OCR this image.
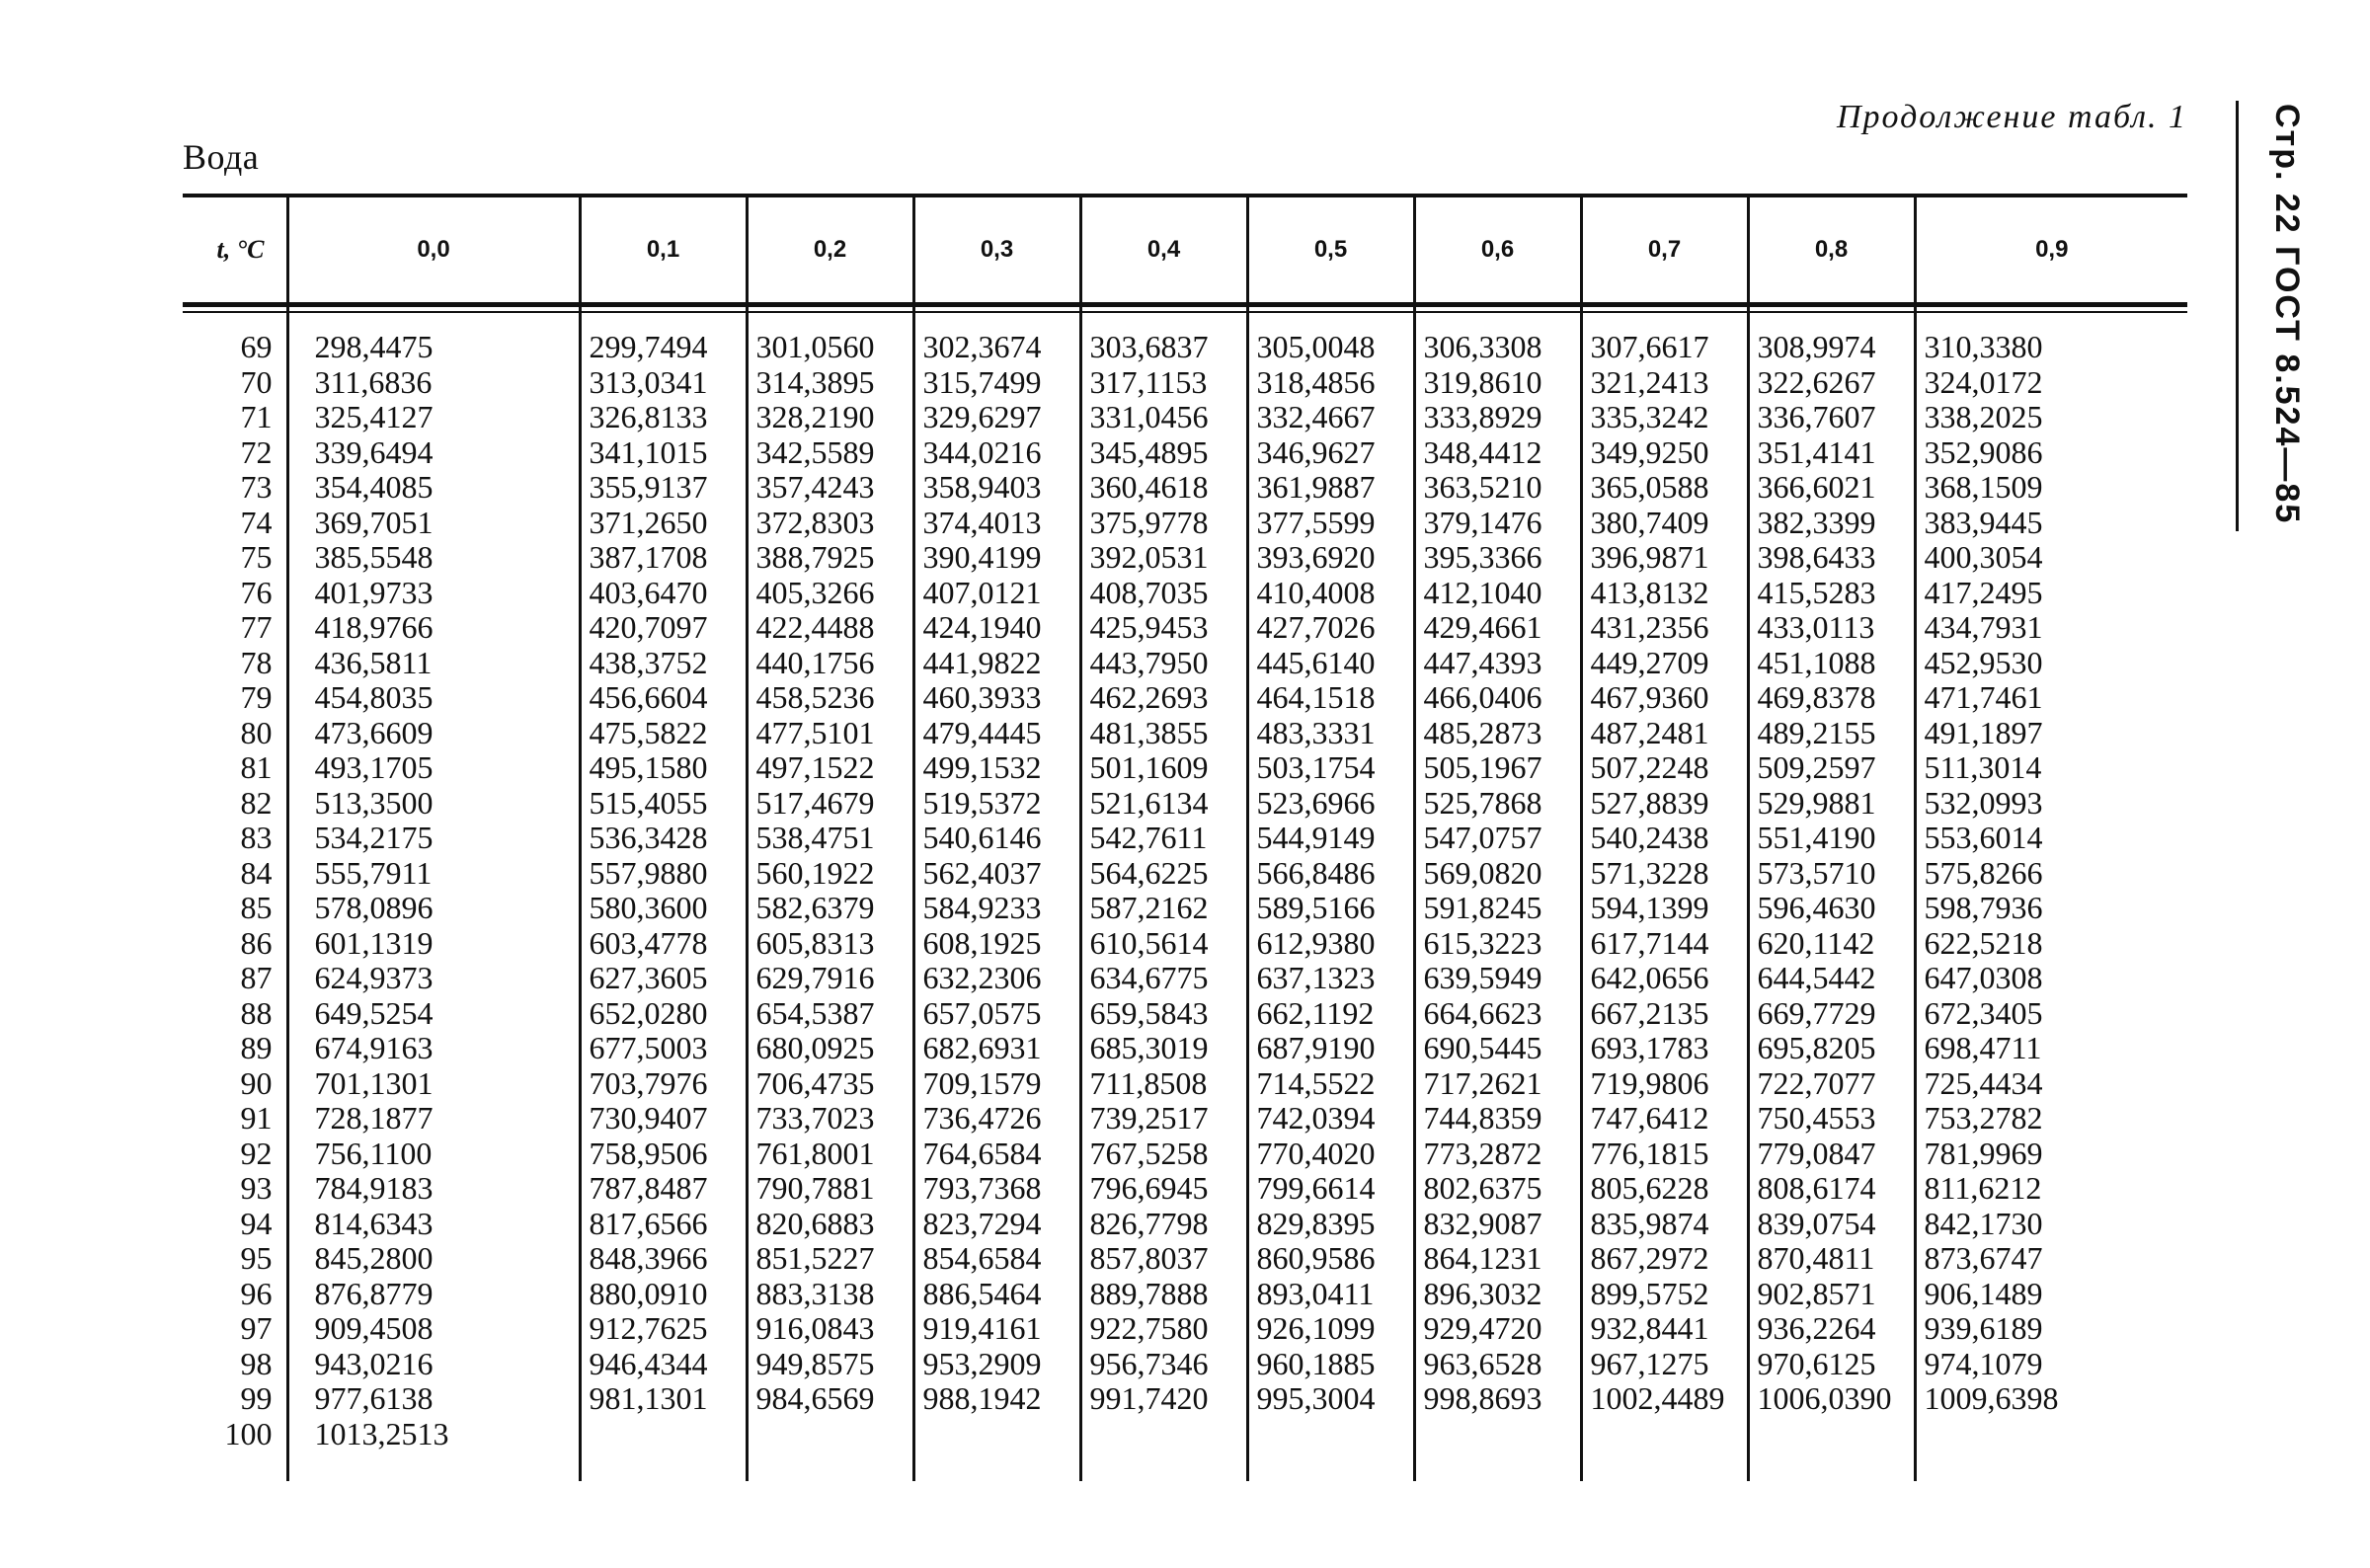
Вода
Продолжение табл. 1 Стр. 22 ГОСТ 8.524—85
t, °C	0,0	0,1	0,2	0,3	0,4	0,5	0,6	0,7	0,8	0,9

69	298,4475	299,7494	301,0560	302,3674	303,6837	305,0048	306,3308	307,6617	308,9974	310,3380
70	311,6836	313,0341	314,3895	315,7499	317,1153	318,4856	319,8610	321,2413	322,6267	324,0172
71	325,4127	326,8133	328,2190	329,6297	331,0456	332,4667	333,8929	335,3242	336,7607	338,2025
72	339,6494	341,1015	342,5589	344,0216	345,4895	346,9627	348,4412	349,9250	351,4141	352,9086
73	354,4085	355,9137	357,4243	358,9403	360,4618	361,9887	363,5210	365,0588	366,6021	368,1509
74	369,7051	371,2650	372,8303	374,4013	375,9778	377,5599	379,1476	380,7409	382,3399	383,9445
75	385,5548	387,1708	388,7925	390,4199	392,0531	393,6920	395,3366	396,9871	398,6433	400,3054
76	401,9733	403,6470	405,3266	407,0121	408,7035	410,4008	412,1040	413,8132	415,5283	417,2495
77	418,9766	420,7097	422,4488	424,1940	425,9453	427,7026	429,4661	431,2356	433,0113	434,7931
78	436,5811	438,3752	440,1756	441,9822	443,7950	445,6140	447,4393	449,2709	451,1088	452,9530
79	454,8035	456,6604	458,5236	460,3933	462,2693	464,1518	466,0406	467,9360	469,8378	471,7461
80	473,6609	475,5822	477,5101	479,4445	481,3855	483,3331	485,2873	487,2481	489,2155	491,1897
81	493,1705	495,1580	497,1522	499,1532	501,1609	503,1754	505,1967	507,2248	509,2597	511,3014
82	513,3500	515,4055	517,4679	519,5372	521,6134	523,6966	525,7868	527,8839	529,9881	532,0993
83	534,2175	536,3428	538,4751	540,6146	542,7611	544,9149	547,0757	540,2438	551,4190	553,6014
84	555,7911	557,9880	560,1922	562,4037	564,6225	566,8486	569,0820	571,3228	573,5710	575,8266
85	578,0896	580,3600	582,6379	584,9233	587,2162	589,5166	591,8245	594,1399	596,4630	598,7936
86	601,1319	603,4778	605,8313	608,1925	610,5614	612,9380	615,3223	617,7144	620,1142	622,5218
87	624,9373	627,3605	629,7916	632,2306	634,6775	637,1323	639,5949	642,0656	644,5442	647,0308
88	649,5254	652,0280	654,5387	657,0575	659,5843	662,1192	664,6623	667,2135	669,7729	672,3405
89	674,9163	677,5003	680,0925	682,6931	685,3019	687,9190	690,5445	693,1783	695,8205	698,4711
90	701,1301	703,7976	706,4735	709,1579	711,8508	714,5522	717,2621	719,9806	722,7077	725,4434
91	728,1877	730,9407	733,7023	736,4726	739,2517	742,0394	744,8359	747,6412	750,4553	753,2782
92	756,1100	758,9506	761,8001	764,6584	767,5258	770,4020	773,2872	776,1815	779,0847	781,9969
93	784,9183	787,8487	790,7881	793,7368	796,6945	799,6614	802,6375	805,6228	808,6174	811,6212
94	814,6343	817,6566	820,6883	823,7294	826,7798	829,8395	832,9087	835,9874	839,0754	842,1730
95	845,2800	848,3966	851,5227	854,6584	857,8037	860,9586	864,1231	867,2972	870,4811	873,6747
96	876,8779	880,0910	883,3138	886,5464	889,7888	893,0411	896,3032	899,5752	902,8571	906,1489
97	909,4508	912,7625	916,0843	919,4161	922,7580	926,1099	929,4720	932,8441	936,2264	939,6189
98	943,0216	946,4344	949,8575	953,2909	956,7346	960,1885	963,6528	967,1275	970,6125	974,1079
99	977,6138	981,1301	984,6569	988,1942	991,7420	995,3004	998,8693	1002,4489	1006,0390	1009,6398
100	1013,2513									
